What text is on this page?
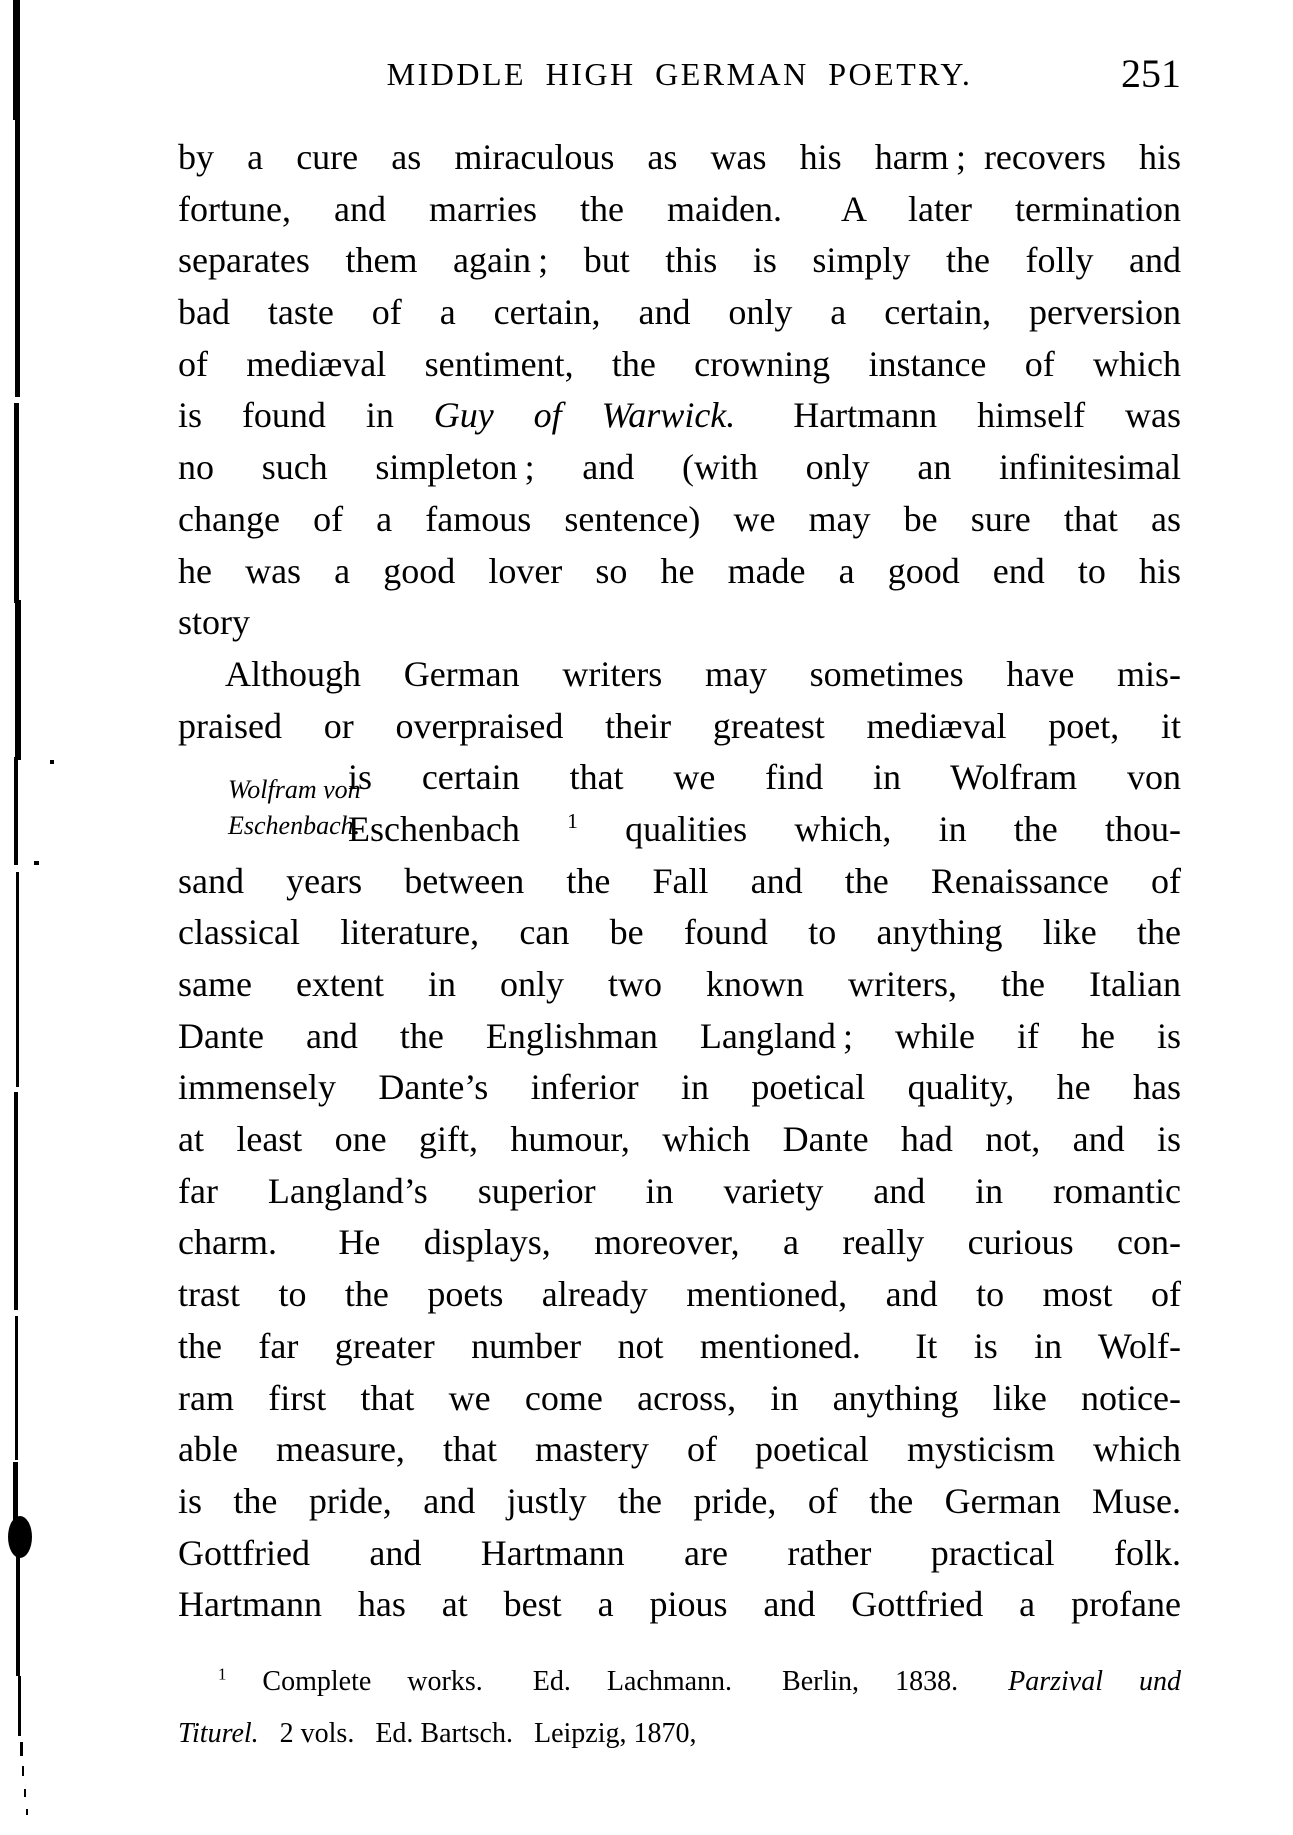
MIDDLE HIGH GERMAN POETRY.	251
Wolfram von
Eschenbach.
by a cure as miraculous as was his harm ; recovers his
fortune, and marries the maiden.  A later termination
separates them again ; but this is simply the folly and
bad taste of a certain, and only a certain, perversion
of mediæval sentiment, the crowning instance of which
is found in Guy of Warwick.  Hartmann himself was
no such simpleton ; and (with only an infinitesimal
change of a famous sentence) we may be sure that as
he was a good lover so he made a good end to his
story
Although German writers may sometimes have mis-
praised or overpraised their greatest mediæval poet, it
is certain that we find in Wolfram von
Eschenbach $^1$ qualities which, in the thou-
sand years between the Fall and the Renaissance of
classical literature, can be found to anything like the
same extent in only two known writers, the Italian
Dante and the Englishman Langland ; while if he is
immensely Dante’s inferior in poetical quality, he has
at least one gift, humour, which Dante had not, and is
far Langland’s superior in variety and in romantic
charm.  He displays, moreover, a really curious con-
trast to the poets already mentioned, and to most of
the far greater number not mentioned.  It is in Wolf-
ram first that we come across, in anything like notice-
able measure, that mastery of poetical mysticism which
is the pride, and justly the pride, of the German Muse.
Gottfried and Hartmann are rather practical folk.
Hartmann has at best a pious and Gottfried a profane
$^1$ Complete works.  Ed. Lachmann.  Berlin, 1838.  Parzival und
Titurel.  2 vols.  Ed. Bartsch.  Leipzig, 1870,
